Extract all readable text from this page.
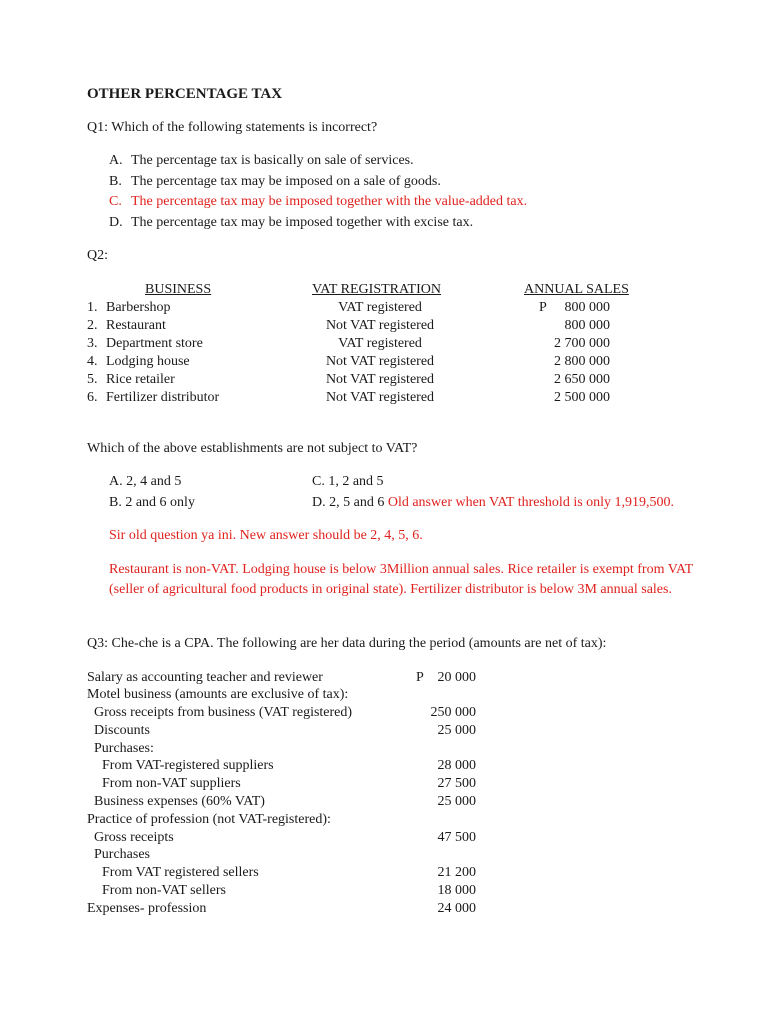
OTHER PERCENTAGE TAX
Q1: Which of the following statements is incorrect?
A. The percentage tax is basically on sale of services.
B. The percentage tax may be imposed on a sale of goods.
C. The percentage tax may be imposed together with the value-added tax.
D. The percentage tax may be imposed together with excise tax.
Q2:
BUSINESS	VAT REGISTRATION	ANNUAL SALES
1. Barbershop	VAT registered	P	800 000
2. Restaurant	Not VAT registered	800 000
3. Department store	VAT registered	2 700 000
4. Lodging house	Not VAT registered	2 800 000
5. Rice retailer	Not VAT registered	2 650 000
6. Fertilizer distributor	Not VAT registered	2 500 000
Which of the above establishments are not subject to VAT?
A. 2, 4 and 5	C. 1, 2 and 5
B. 2 and 6 only	D. 2, 5 and 6 Old answer when VAT threshold is only 1,919,500.
Sir old question ya ini. New answer should be 2, 4, 5, 6.
Restaurant is non-VAT. Lodging house is below 3Million annual sales. Rice retailer is exempt from VAT (seller of agricultural food products in original state). Fertilizer distributor is below 3M annual sales.
Q3: Che-che is a CPA. The following are her data during the period (amounts are net of tax):
Salary as accounting teacher and reviewer	P 20 000
Motel business (amounts are exclusive of tax):
Gross receipts from business (VAT registered)	250 000
Discounts	25 000
Purchases:
From VAT-registered suppliers	28 000
From non-VAT suppliers	27 500
Business expenses (60% VAT)	25 000
Practice of profession (not VAT-registered):
Gross receipts	47 500
Purchases
From VAT registered sellers	21 200
From non-VAT sellers	18 000
Expenses- profession	24 000
